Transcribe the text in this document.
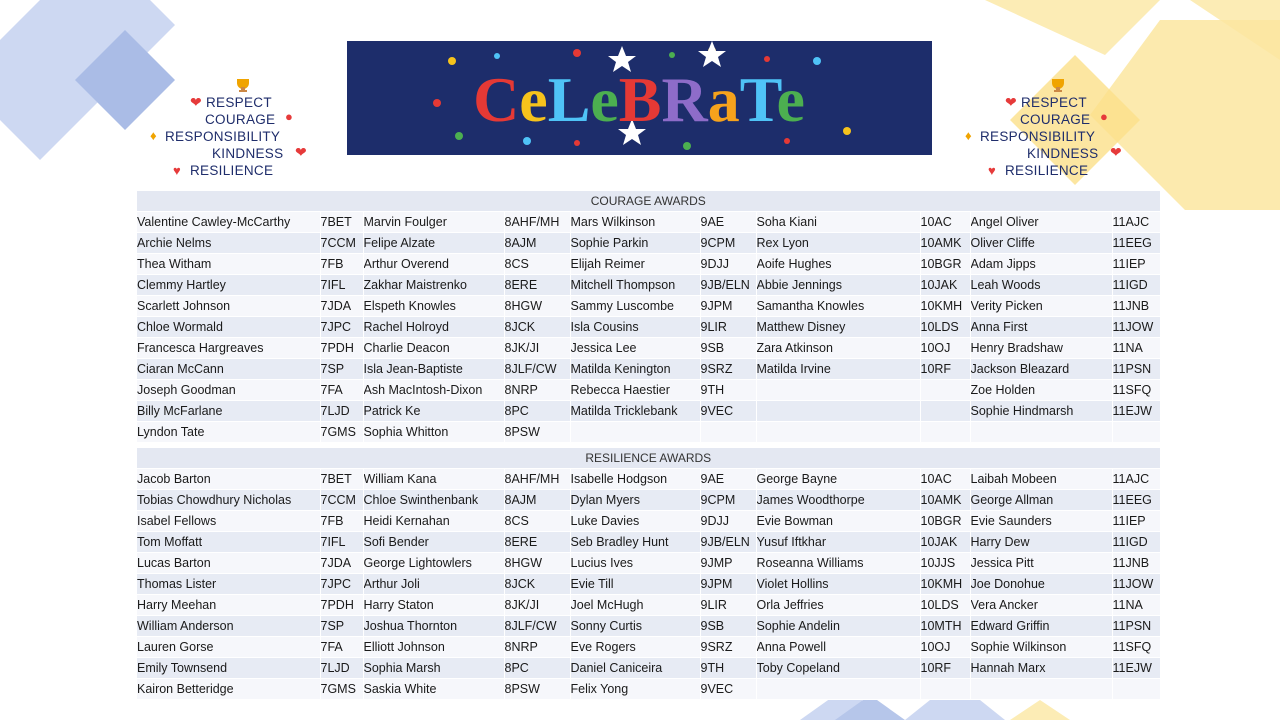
CeLeBRaTe
❤ RESPECT
COURAGE ●
♦ RESPONSIBILITY
KINDNESS ❤
♥ RESILIENCE
❤ RESPECT
COURAGE ●
♦ RESPONSIBILITY
KINDNESS ❤
♥ RESILIENCE
COURAGE AWARDS									
Valentine Cawley-McCarthy	7BET	Marvin Foulger	8AHF/MH	Mars Wilkinson	9AE	Soha Kiani	10AC	Angel Oliver	11AJC
Archie Nelms	7CCM	Felipe Alzate	8AJM	Sophie Parkin	9CPM	Rex Lyon	10AMK	Oliver Cliffe	11EEG
Thea Witham	7FB	Arthur Overend	8CS	Elijah Reimer	9DJJ	Aoife Hughes	10BGR	Adam Jipps	11IEP
Clemmy Hartley	7IFL	Zakhar Maistrenko	8ERE	Mitchell Thompson	9JB/ELN	Abbie Jennings	10JAK	Leah Woods	11IGD
Scarlett Johnson	7JDA	Elspeth Knowles	8HGW	Sammy Luscombe	9JPM	Samantha Knowles	10KMH	Verity Picken	11JNB
Chloe Wormald	7JPC	Rachel Holroyd	8JCK	Isla Cousins	9LIR	Matthew Disney	10LDS	Anna First	11JOW
Francesca Hargreaves	7PDH	Charlie Deacon	8JK/JI	Jessica Lee	9SB	Zara Atkinson	10OJ	Henry Bradshaw	11NA
Ciaran McCann	7SP	Isla Jean-Baptiste	8JLF/CW	Matilda Kenington	9SRZ	Matilda Irvine	10RF	Jackson Bleazard	11PSN
Joseph Goodman	7FA	Ash MacIntosh-Dixon	8NRP	Rebecca Haestier	9TH			Zoe Holden	11SFQ
Billy McFarlane	7LJD	Patrick Ke	8PC	Matilda Tricklebank	9VEC			Sophie Hindmarsh	11EJW
Lyndon Tate	7GMS	Sophia Whitton	8PSW						
RESILIENCE AWARDS									
Jacob Barton	7BET	William Kana	8AHF/MH	Isabelle Hodgson	9AE	George Bayne	10AC	Laibah Mobeen	11AJC
Tobias Chowdhury Nicholas	7CCM	Chloe Swinthenbank	8AJM	Dylan Myers	9CPM	James Woodthorpe	10AMK	George Allman	11EEG
Isabel Fellows	7FB	Heidi Kernahan	8CS	Luke Davies	9DJJ	Evie Bowman	10BGR	Evie Saunders	11IEP
Tom Moffatt	7IFL	Sofi Bender	8ERE	Seb Bradley Hunt	9JB/ELN	Yusuf Iftkhar	10JAK	Harry Dew	11IGD
Lucas Barton	7JDA	George Lightowlers	8HGW	Lucius Ives	9JMP	Roseanna Williams	10JJS	Jessica Pitt	11JNB
Thomas Lister	7JPC	Arthur Joli	8JCK	Evie Till	9JPM	Violet Hollins	10KMH	Joe Donohue	11JOW
Harry Meehan	7PDH	Harry Staton	8JK/JI	Joel McHugh	9LIR	Orla Jeffries	10LDS	Vera Ancker	11NA
William Anderson	7SP	Joshua Thornton	8JLF/CW	Sonny Curtis	9SB	Sophie Andelin	10MTH	Edward Griffin	11PSN
Lauren Gorse	7FA	Elliott Johnson	8NRP	Eve Rogers	9SRZ	Anna Powell	10OJ	Sophie Wilkinson	11SFQ
Emily Townsend	7LJD	Sophia Marsh	8PC	Daniel Caniceira	9TH	Toby Copeland	10RF	Hannah Marx	11EJW
Kairon Betteridge	7GMS	Saskia White	8PSW	Felix Yong	9VEC				
